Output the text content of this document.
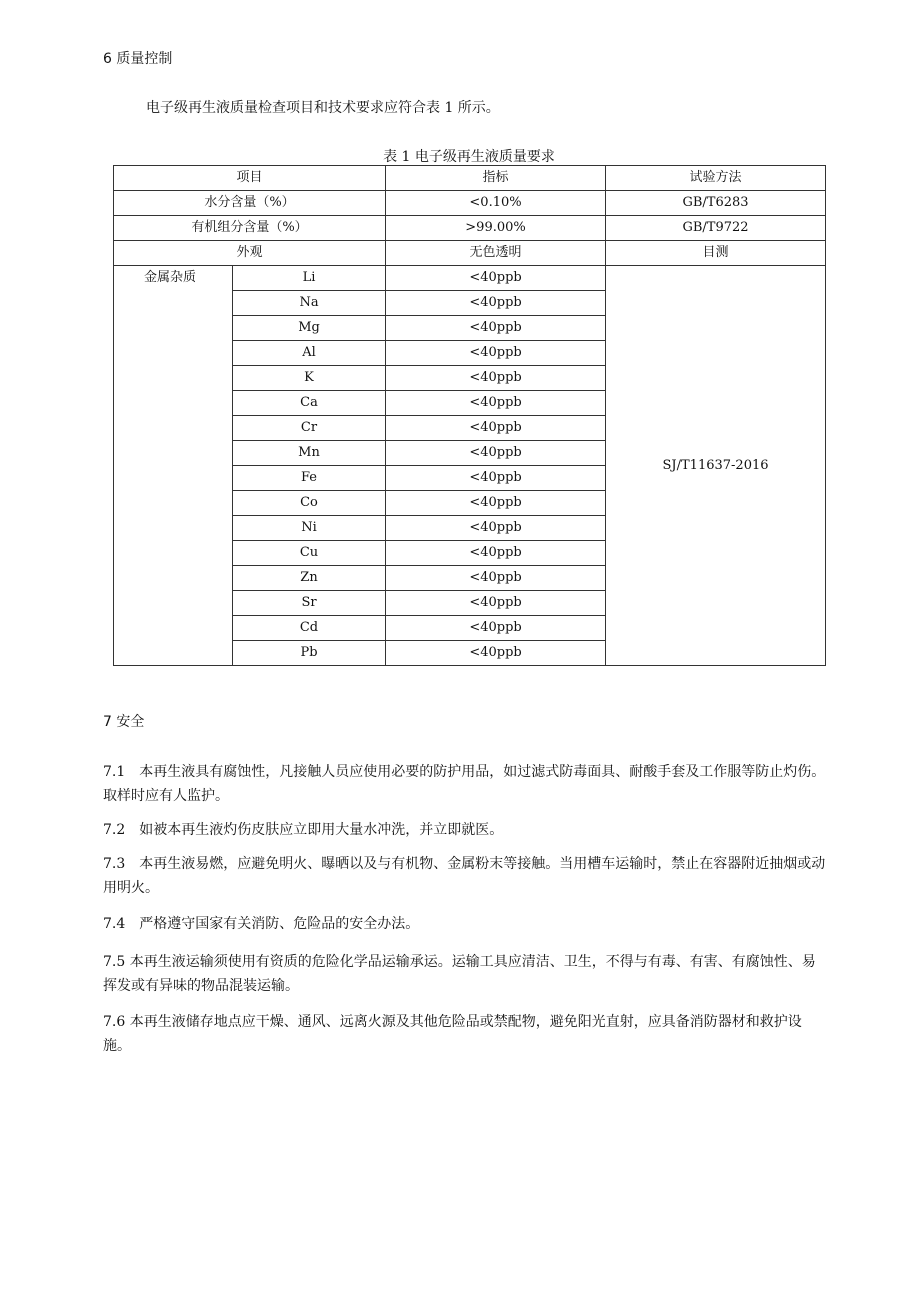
6 质量控制
电子级再生液质量检查项目和技术要求应符合表 1 所示。
表 1 电子级再生液质量要求
项目		指标	试验方法
水分含量（%）		<0.10%	GB/T6283
有机组分含量（%）		>99.00%	GB/T9722
外观		无色透明	目测
金属杂质	Li	<40ppb	SJ/T11637-2016
	Na	<40ppb	
	Mg	<40ppb	
	Al	<40ppb	
	K	<40ppb	
	Ca	<40ppb	
	Cr	<40ppb	
	Mn	<40ppb	
	Fe	<40ppb	
	Co	<40ppb	
	Ni	<40ppb	
	Cu	<40ppb	
	Zn	<40ppb	
	Sr	<40ppb	
	Cd	<40ppb	
	Pb	<40ppb	
7 安全
7.1　本再生液具有腐蚀性，凡接触人员应使用必要的防护用品，如过滤式防毒面具、耐酸手套及工作服等防止灼伤。取样时应有人监护。
7.2　如被本再生液灼伤皮肤应立即用大量水冲洗，并立即就医。
7.3　本再生液易燃，应避免明火、曝晒以及与有机物、金属粉末等接触。当用槽车运输时，禁止在容器附近抽烟或动用明火。
7.4　严格遵守国家有关消防、危险品的安全办法。
7.5 本再生液运输须使用有资质的危险化学品运输承运。运输工具应清洁、卫生，不得与有毒、有害、有腐蚀性、易挥发或有异味的物品混装运输。
7.6 本再生液储存地点应干燥、通风、远离火源及其他危险品或禁配物，避免阳光直射，应具备消防器材和救护设施。
